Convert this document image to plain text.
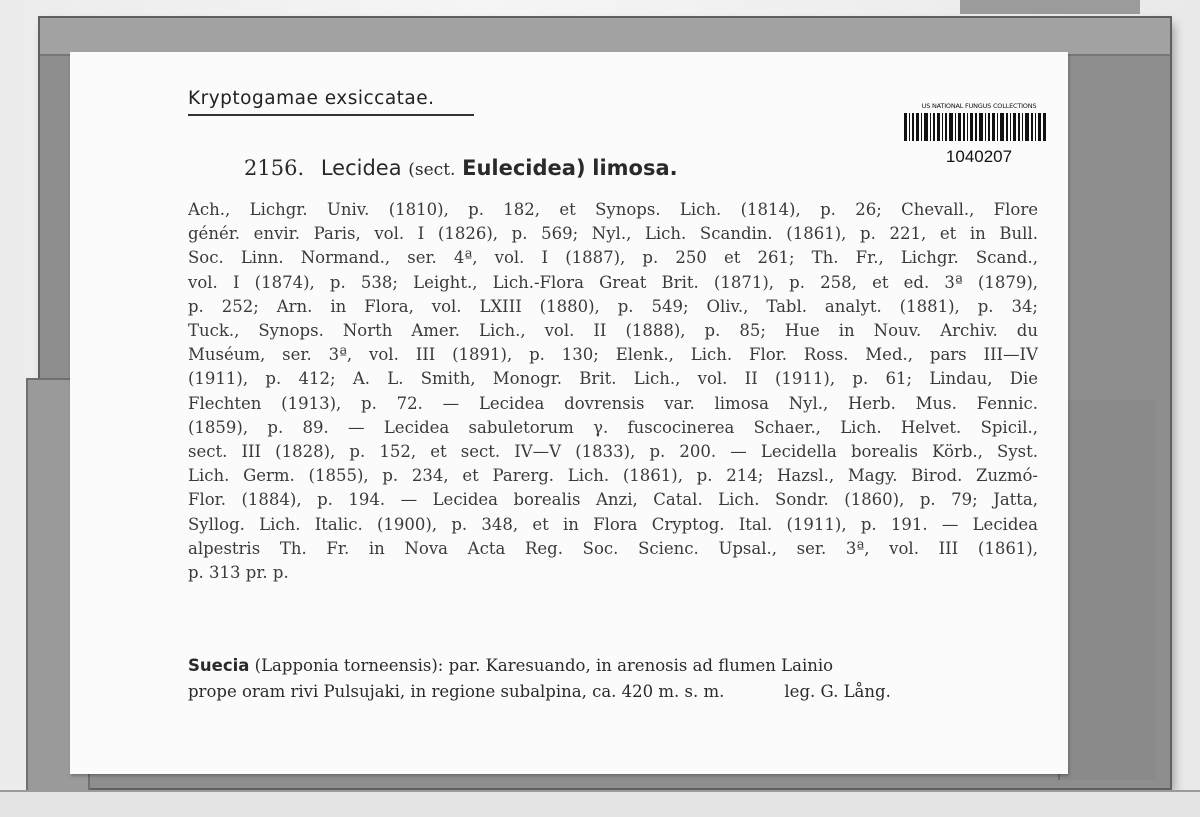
Kryptogamae exsiccatae.	US NATIONAL FUNGUS COLLECTIONS
1040207
2156. Lecidea (sect. Eulecidea) limosa.
Ach., Lichgr. Univ. (1810), p. 182, et Synops. Lich. (1814), p. 26; Chevall., Flore
génér. envir. Paris, vol. I (1826), p. 569; Nyl., Lich. Scandin. (1861), p. 221, et in Bull.
Soc. Linn. Normand., ser. 4ª, vol. I (1887), p. 250 et 261; Th. Fr., Lichgr. Scand.,
vol. I (1874), p. 538; Leight., Lich.-Flora Great Brit. (1871), p. 258, et ed. 3ª (1879),
p. 252; Arn. in Flora, vol. LXIII (1880), p. 549; Oliv., Tabl. analyt. (1881), p. 34;
Tuck., Synops. North Amer. Lich., vol. II (1888), p. 85; Hue in Nouv. Archiv. du
Muséum, ser. 3ª, vol. III (1891), p. 130; Elenk., Lich. Flor. Ross. Med., pars III—IV
(1911), p. 412; A. L. Smith, Monogr. Brit. Lich., vol. II (1911), p. 61; Lindau, Die
Flechten (1913), p. 72. — Lecidea dovrensis var. limosa Nyl., Herb. Mus. Fennic.
(1859), p. 89. — Lecidea sabuletorum γ. fuscocinerea Schaer., Lich. Helvet. Spicil.,
sect. III (1828), p. 152, et sect. IV—V (1833), p. 200. — Lecidella borealis Körb., Syst.
Lich. Germ. (1855), p. 234, et Parerg. Lich. (1861), p. 214; Hazsl., Magy. Birod. Zuzmó-
Flor. (1884), p. 194. — Lecidea borealis Anzi, Catal. Lich. Sondr. (1860), p. 79; Jatta,
Syllog. Lich. Italic. (1900), p. 348, et in Flora Cryptog. Ital. (1911), p. 191. — Lecidea
alpestris Th. Fr. in Nova Acta Reg. Soc. Scienc. Upsal., ser. 3ª, vol. III (1861),
p. 313 pr. p.

Suecia (Lapponia torneensis): par. Karesuando, in arenosis ad flumen Lainio

prope oram rivi Pulsujaki, in regione subalpina, ca. 420 m. s. m.	leg. G. Lång.
